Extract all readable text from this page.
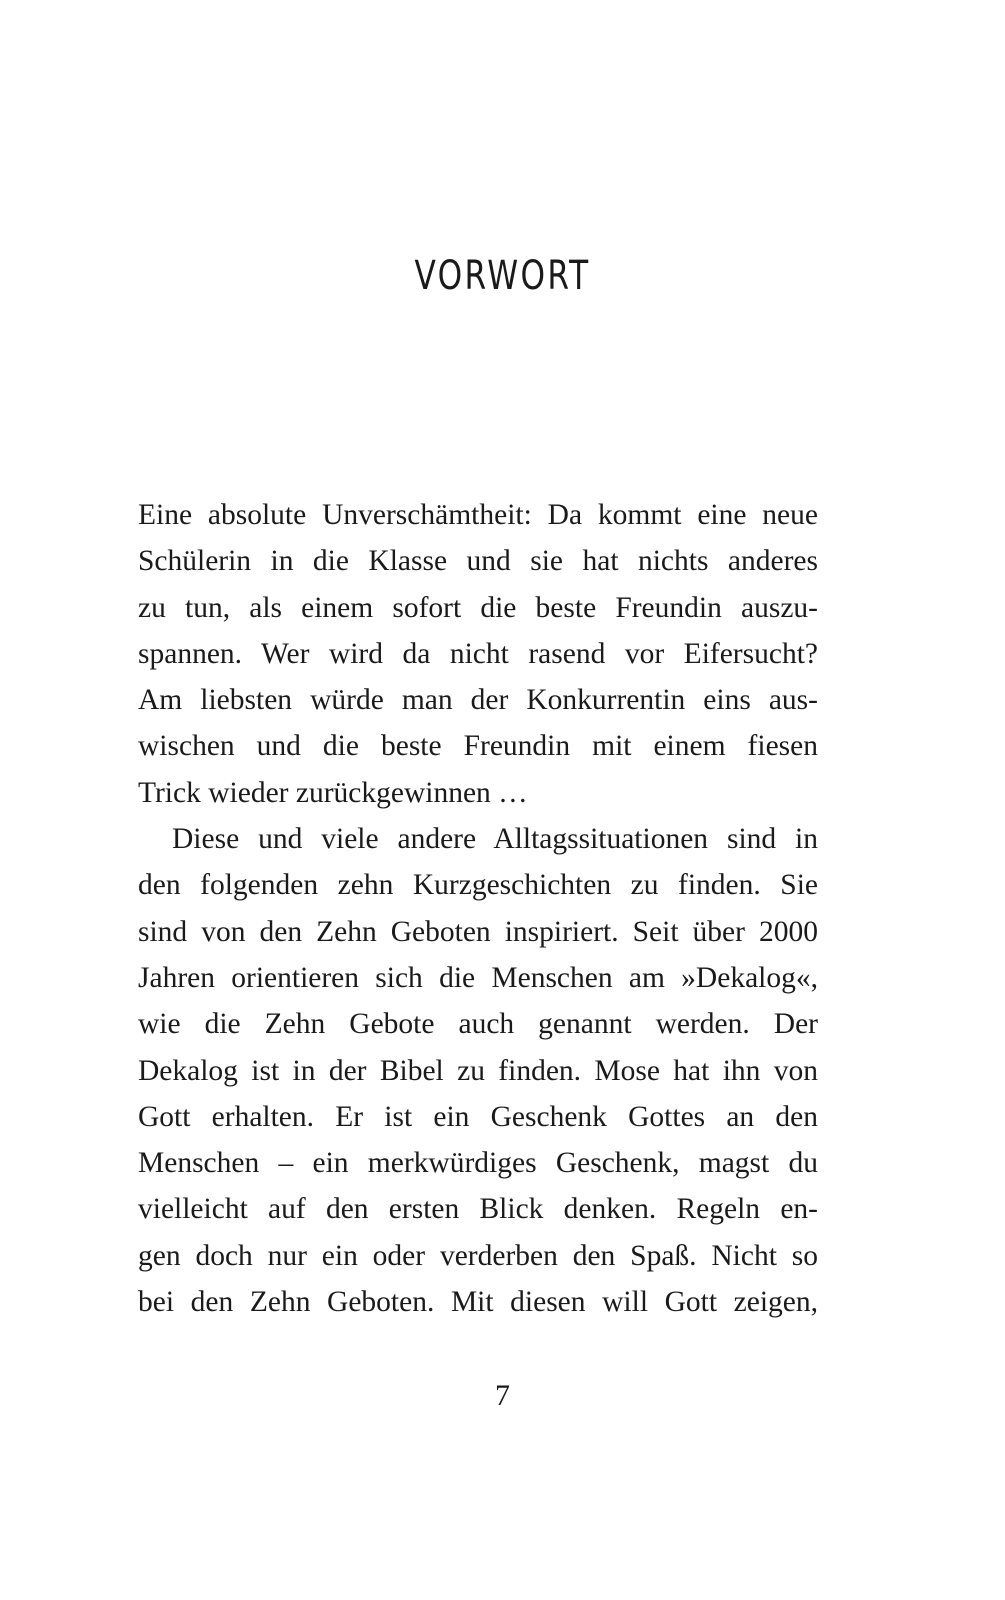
VORWORT
Eine absolute Unverschämtheit: Da kommt eine neue
Schülerin in die Klasse und sie hat nichts anderes
zu tun, als einem sofort die beste Freundin auszu-
spannen. Wer wird da nicht rasend vor Eifersucht?
Am liebsten würde man der Konkurrentin eins aus-
wischen und die beste Freundin mit einem fiesen
Trick wieder zurückgewinnen …
Diese und viele andere Alltagssituationen sind in
den folgenden zehn Kurzgeschichten zu finden. Sie
sind von den Zehn Geboten inspiriert. Seit über 2000
Jahren orientieren sich die Menschen am »Dekalog«,
wie die Zehn Gebote auch genannt werden. Der
Dekalog ist in der Bibel zu finden. Mose hat ihn von
Gott erhalten. Er ist ein Geschenk Gottes an den
Menschen – ein merkwürdiges Geschenk, magst du
vielleicht auf den ersten Blick denken. Regeln en-
gen doch nur ein oder verderben den Spaß. Nicht so
bei den Zehn Geboten. Mit diesen will Gott zeigen,
7
